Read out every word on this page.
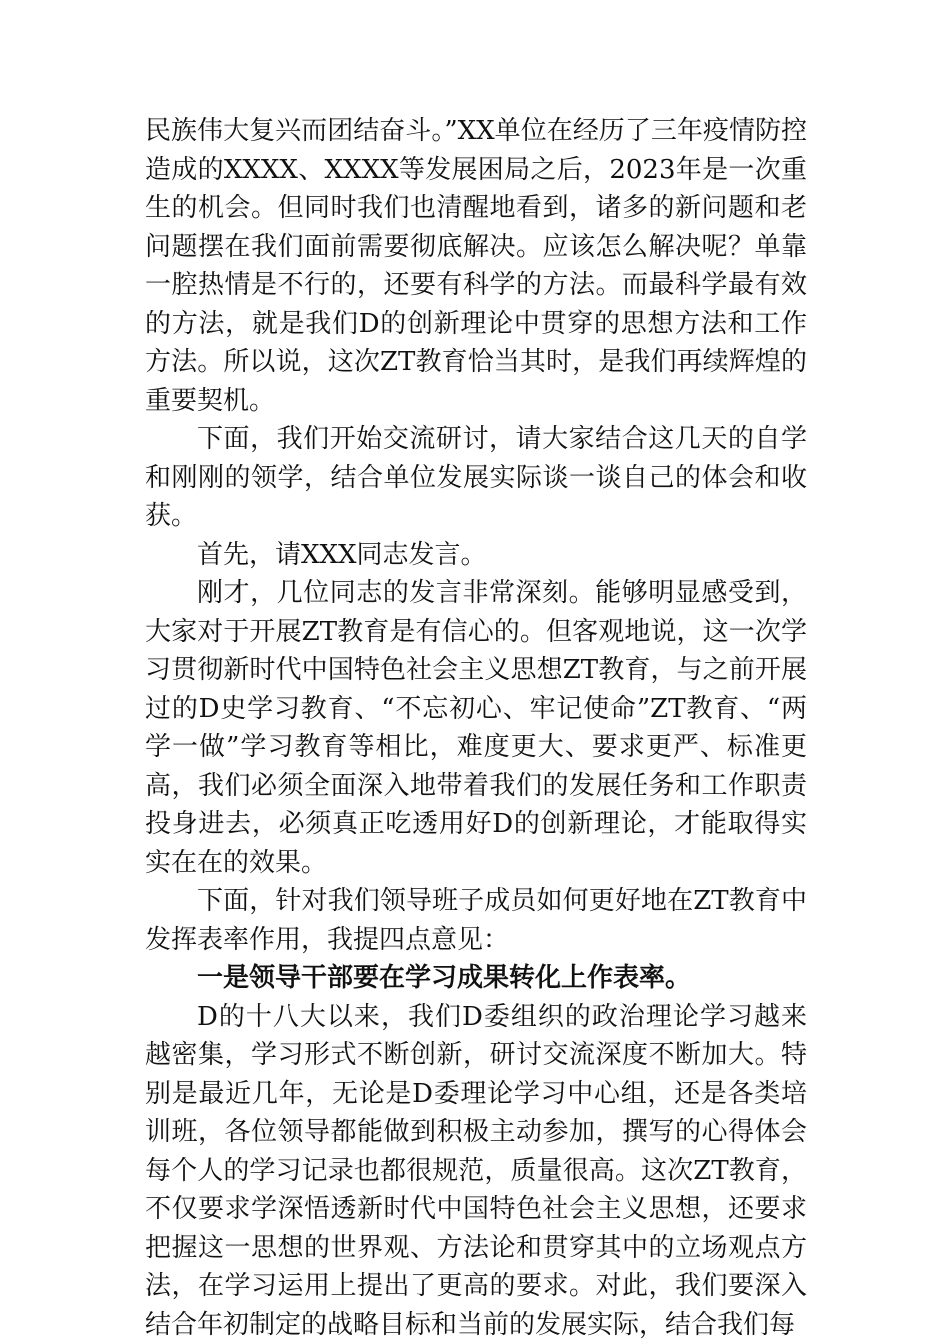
民族伟大复兴而团结奋斗。”XX单位在经历了三年疫情防控造成的XXXX、XXXX等发展困局之后，2023年是一次重生的机会。但同时我们也清醒地看到，诸多的新问题和老问题摆在我们面前需要彻底解决。应该怎么解决呢？单靠一腔热情是不行的，还要有科学的方法。而最科学最有效的方法，就是我们D的创新理论中贯穿的思想方法和工作方法。所以说，这次ZT教育恰当其时，是我们再续辉煌的重要契机。

下面，我们开始交流研讨，请大家结合这几天的自学和刚刚的领学，结合单位发展实际谈一谈自己的体会和收获。

首先，请XXX同志发言。

刚才，几位同志的发言非常深刻。能够明显感受到，大家对于开展ZT教育是有信心的。但客观地说，这一次学习贯彻新时代中国特色社会主义思想ZT教育，与之前开展过的D史学习教育、“不忘初心、牢记使命”ZT教育、“两学一做”学习教育等相比，难度更大、要求更严、标准更高，我们必须全面深入地带着我们的发展任务和工作职责投身进去，必须真正吃透用好D的创新理论，才能取得实实在在的效果。

下面，针对我们领导班子成员如何更好地在ZT教育中发挥表率作用，我提四点意见：

一是领导干部要在学习成果转化上作表率。

D的十八大以来，我们D委组织的政治理论学习越来越密集，学习形式不断创新，研讨交流深度不断加大。特别是最近几年，无论是D委理论学习中心组，还是各类培训班，各位领导都能做到积极主动参加，撰写的心得体会每个人的学习记录也都很规范，质量很高。这次ZT教育，不仅要求学深悟透新时代中国特色社会主义思想，还要求把握这一思想的世界观、方法论和贯穿其中的立场观点方法，在学习运用上提出了更高的要求。对此，我们要深入结合年初制定的战略目标和当前的发展实际，结合我们每
